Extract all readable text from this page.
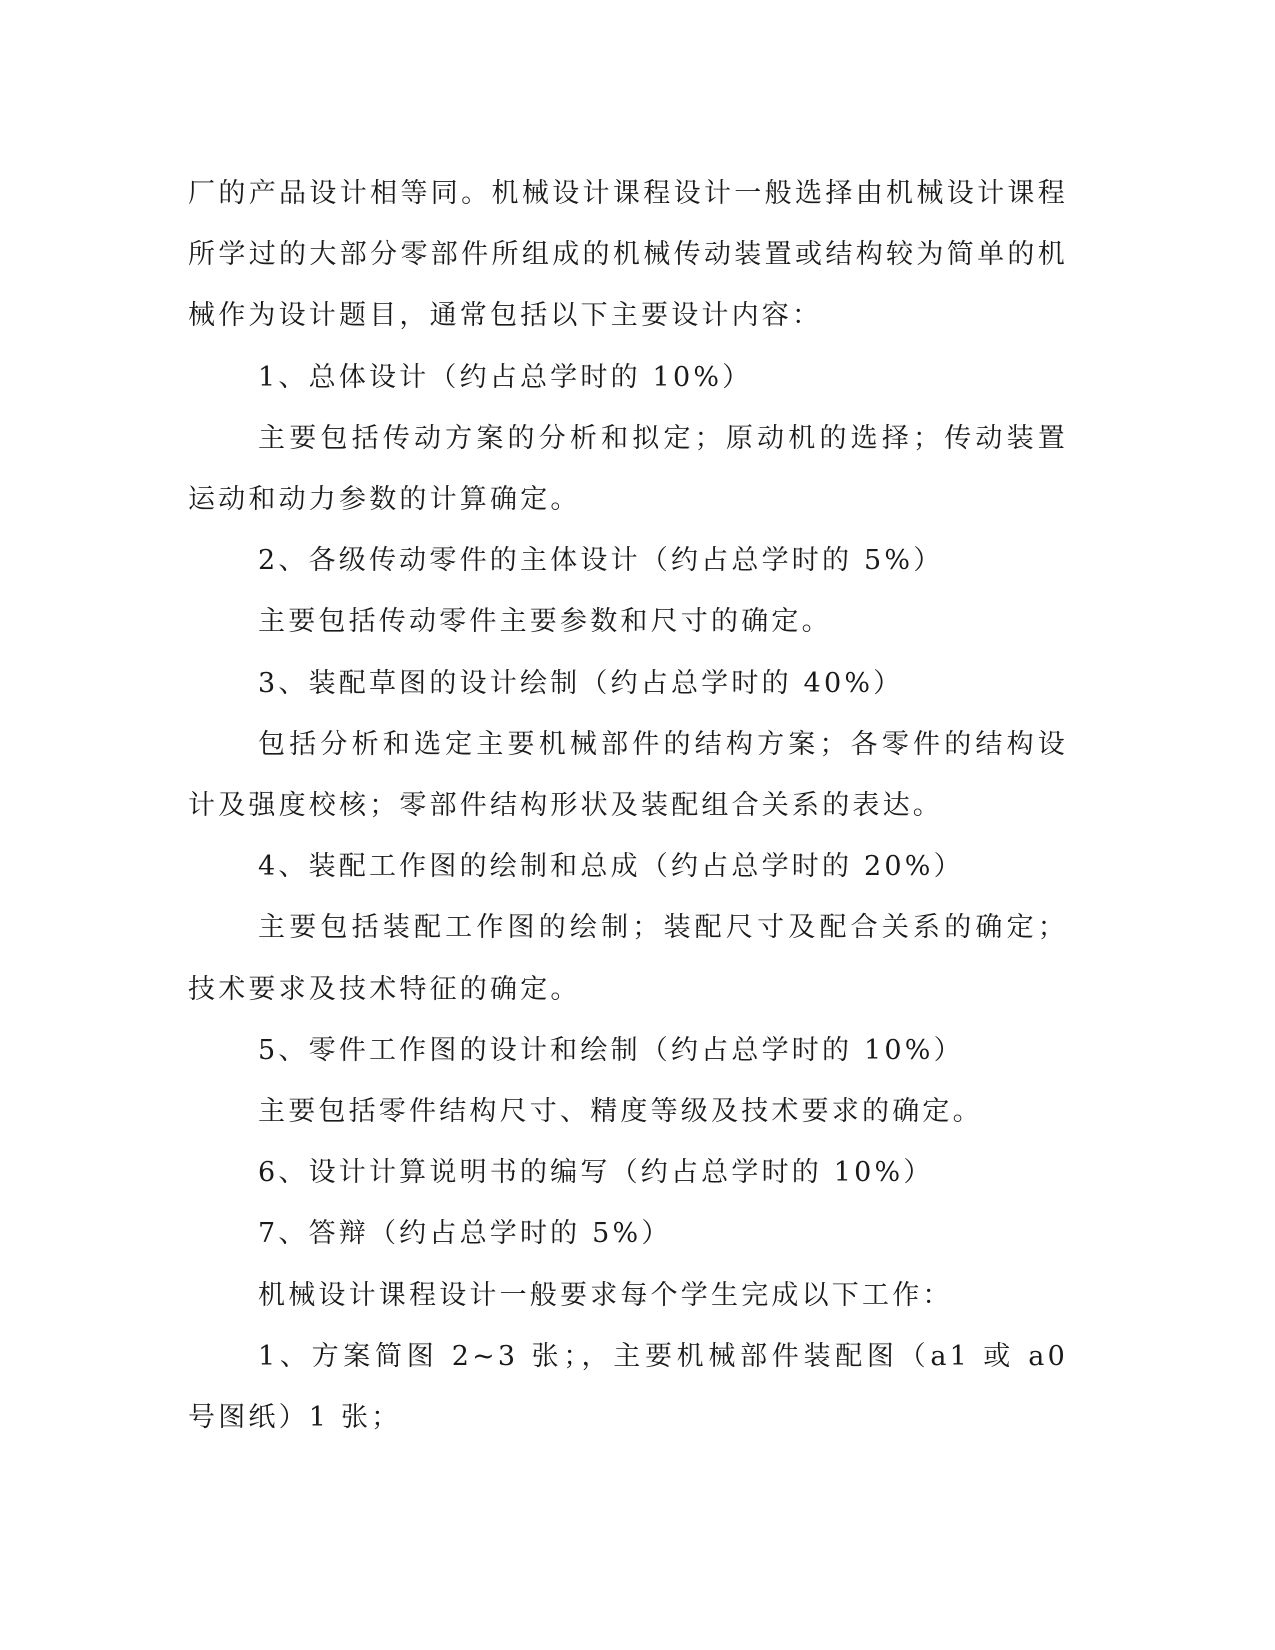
厂的产品设计相等同。机械设计课程设计一般选择由机械设计课程所学过的大部分零部件所组成的机械传动装置或结构较为简单的机械作为设计题目，通常包括以下主要设计内容：

1、总体设计（约占总学时的 10%）

主要包括传动方案的分析和拟定；原动机的选择；传动装置运动和动力参数的计算确定。

2、各级传动零件的主体设计（约占总学时的 5%）

主要包括传动零件主要参数和尺寸的确定。

3、装配草图的设计绘制（约占总学时的 40%）

包括分析和选定主要机械部件的结构方案；各零件的结构设计及强度校核；零部件结构形状及装配组合关系的表达。

4、装配工作图的绘制和总成（约占总学时的 20%）

主要包括装配工作图的绘制；装配尺寸及配合关系的确定；技术要求及技术特征的确定。

5、零件工作图的设计和绘制（约占总学时的 10%）

主要包括零件结构尺寸、精度等级及技术要求的确定。

6、设计计算说明书的编写（约占总学时的 10%）

7、答辩（约占总学时的 5%）

机械设计课程设计一般要求每个学生完成以下工作：

1、方案简图 2~3 张；，主要机械部件装配图（a1 或 a0 号图纸）1 张；
